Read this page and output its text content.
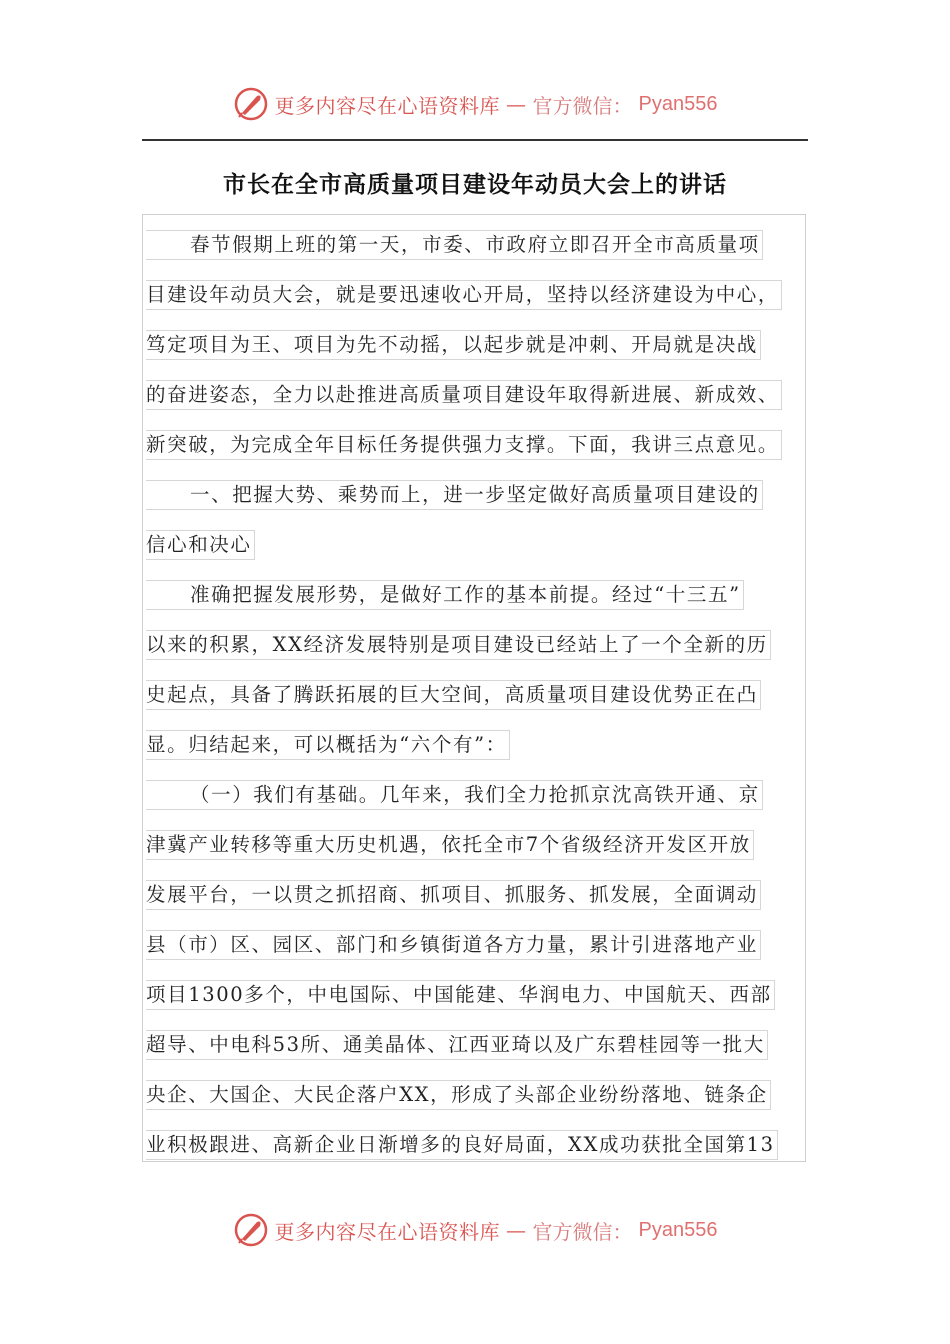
更多内容尽在心语资料库 — 官方微信： Pyan556
市长在全市高质量项目建设年动员大会上的讲话
春节假期上班的第一天，市委、市政府立即召开全市高质量项
目建设年动员大会，就是要迅速收心开局，坚持以经济建设为中心，
笃定项目为王、项目为先不动摇，以起步就是冲刺、开局就是决战
的奋进姿态，全力以赴推进高质量项目建设年取得新进展、新成效、
新突破，为完成全年目标任务提供强力支撑。下面，我讲三点意见。
一、把握大势、乘势而上，进一步坚定做好高质量项目建设的
信心和决心
准确把握发展形势，是做好工作的基本前提。经过“十三五”
以来的积累，XX经济发展特别是项目建设已经站上了一个全新的历
史起点，具备了腾跃拓展的巨大空间，高质量项目建设优势正在凸
显。归结起来，可以概括为“六个有”：
（一）我们有基础。几年来，我们全力抢抓京沈高铁开通、京
津冀产业转移等重大历史机遇，依托全市7个省级经济开发区开放
发展平台，一以贯之抓招商、抓项目、抓服务、抓发展，全面调动
县（市）区、园区、部门和乡镇街道各方力量，累计引进落地产业
项目1300多个，中电国际、中国能建、华润电力、中国航天、西部
超导、中电科53所、通美晶体、江西亚琦以及广东碧桂园等一批大
央企、大国企、大民企落户XX，形成了头部企业纷纷落地、链条企
业积极跟进、高新企业日渐增多的良好局面，XX成功获批全国第13
更多内容尽在心语资料库 — 官方微信： Pyan556
